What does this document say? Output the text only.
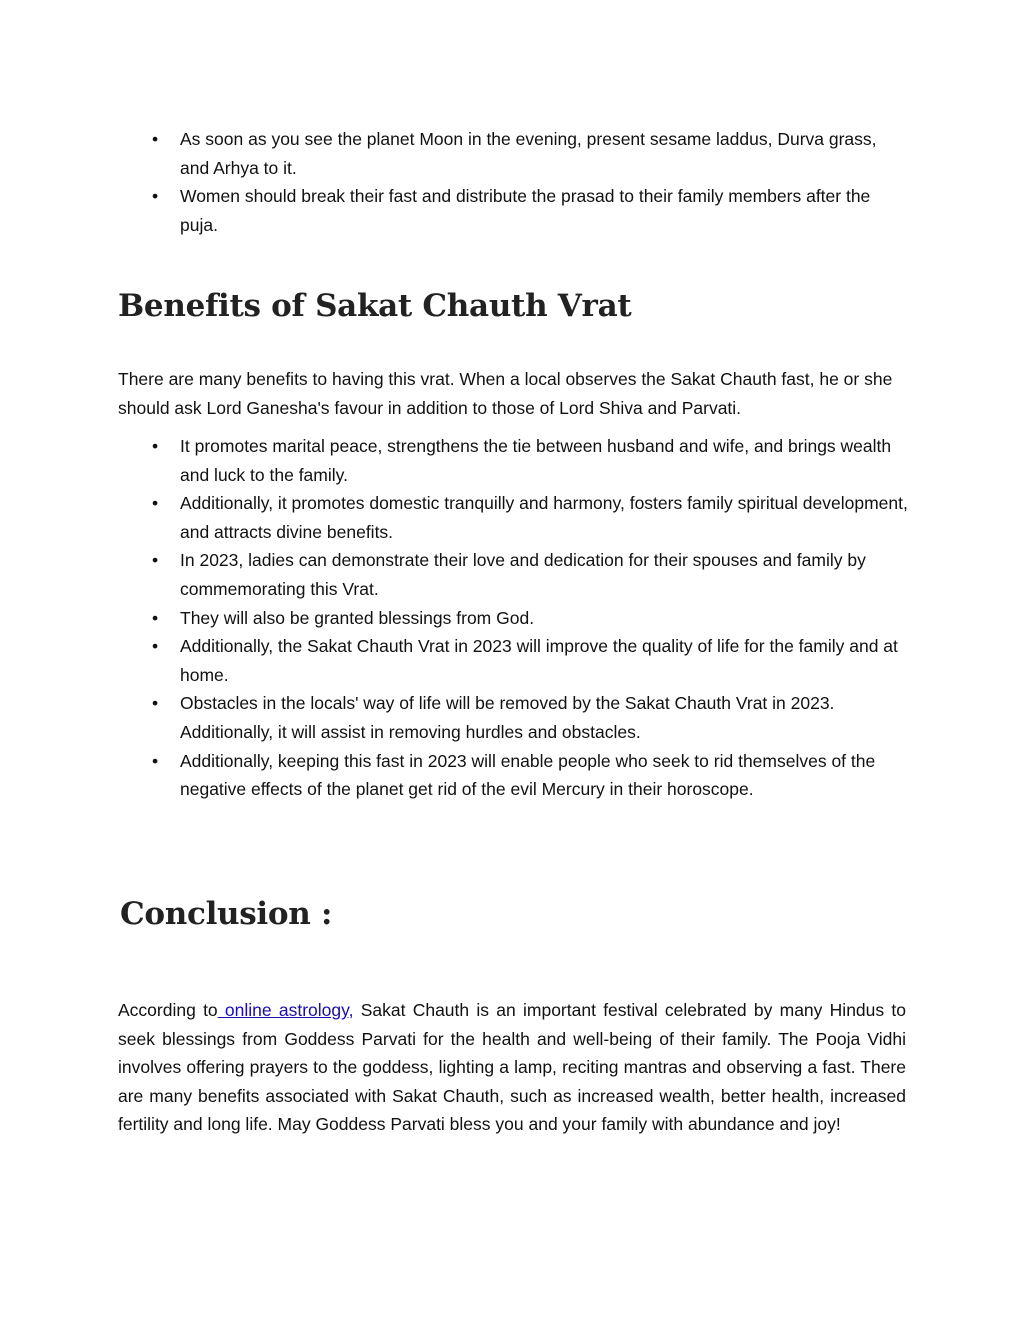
• As soon as you see the planet Moon in the evening, present sesame laddus, Durva grass, and Arhya to it.
• Women should break their fast and distribute the prasad to their family members after the puja.
Benefits of Sakat Chauth Vrat

There are many benefits to having this vrat. When a local observes the Sakat Chauth fast, he or she should ask Lord Ganesha's favour in addition to those of Lord Shiva and Parvati.

• It promotes marital peace, strengthens the tie between husband and wife, and brings wealth and luck to the family.
• Additionally, it promotes domestic tranquilly and harmony, fosters family spiritual development, and attracts divine benefits.
• In 2023, ladies can demonstrate their love and dedication for their spouses and family by commemorating this Vrat.
• They will also be granted blessings from God.
• Additionally, the Sakat Chauth Vrat in 2023 will improve the quality of life for the family and at home.
• Obstacles in the locals' way of life will be removed by the Sakat Chauth Vrat in 2023. Additionally, it will assist in removing hurdles and obstacles.
• Additionally, keeping this fast in 2023 will enable people who seek to rid themselves of the negative effects of the planet get rid of the evil Mercury in their horoscope.
Conclusion :

According to online astrology, Sakat Chauth is an important festival celebrated by many Hindus to seek blessings from Goddess Parvati for the health and well-being of their family. The Pooja Vidhi involves offering prayers to the goddess, lighting a lamp, reciting mantras and observing a fast. There are many benefits associated with Sakat Chauth, such as increased wealth, better health, increased fertility and long life. May Goddess Parvati bless you and your family with abundance and joy!
